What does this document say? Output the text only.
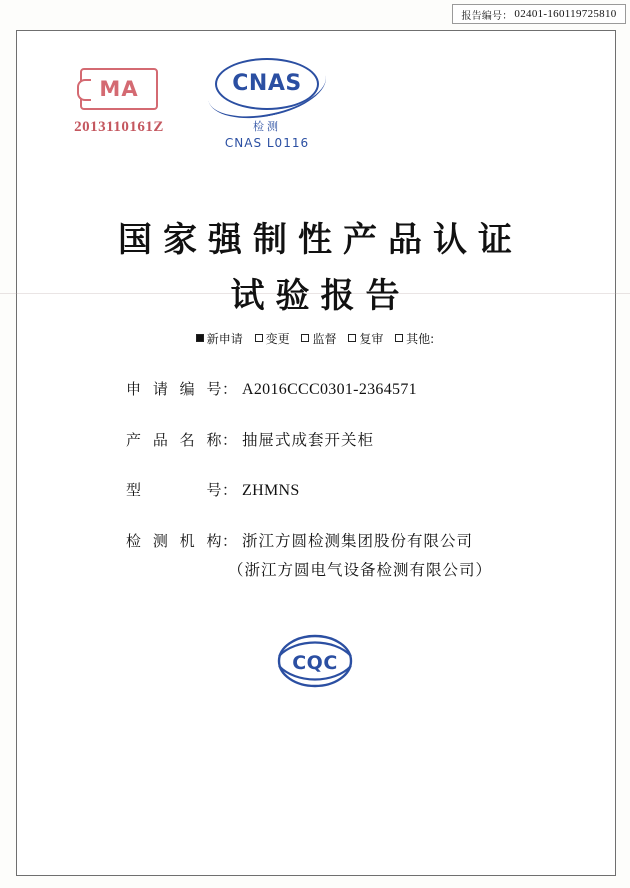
报告编号： 02401-160119725810
MA
2013110161Z
CNAS
检测
CNAS L0116
国家强制性产品认证
试验报告
新申请 变更 监督 复审 其他:
申请编号 ： A2016CCC0301-2364571
产品名称 ： 抽屉式成套开关柜
型号 ： ZHMNS
检测机构 ： 浙江方圆检测集团股份有限公司
（浙江方圆电气设备检测有限公司）
CQC
